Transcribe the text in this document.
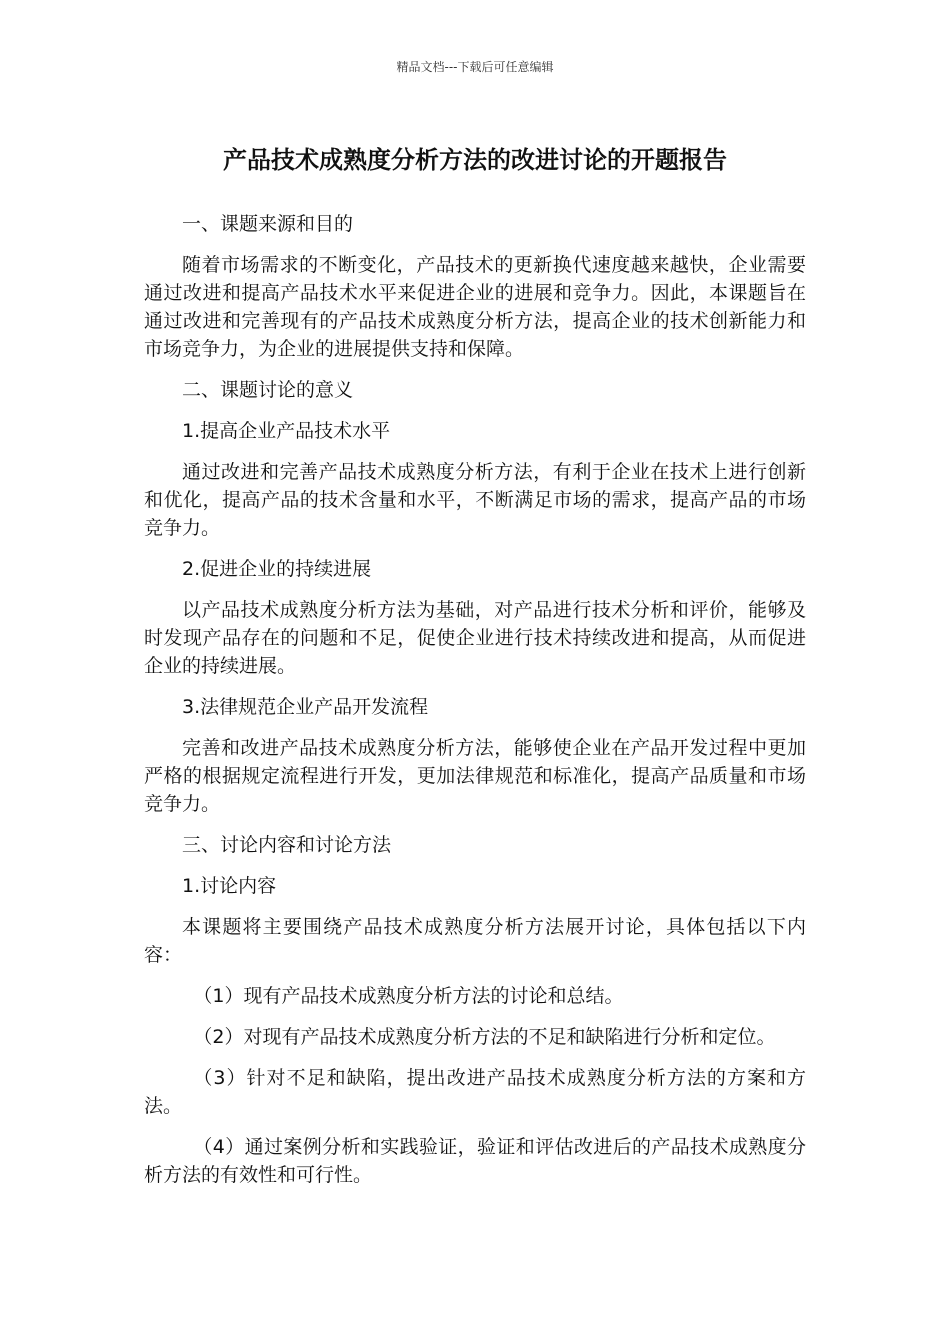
精品文档---下载后可任意编辑
产品技术成熟度分析方法的改进讨论的开题报告

一、课题来源和目的

随着市场需求的不断变化，产品技术的更新换代速度越来越快，企业需要通过改进和提高产品技术水平来促进企业的进展和竞争力。因此，本课题旨在通过改进和完善现有的产品技术成熟度分析方法，提高企业的技术创新能力和市场竞争力，为企业的进展提供支持和保障。

二、课题讨论的意义

1.提高企业产品技术水平

通过改进和完善产品技术成熟度分析方法，有利于企业在技术上进行创新和优化，提高产品的技术含量和水平，不断满足市场的需求，提高产品的市场竞争力。

2.促进企业的持续进展

以产品技术成熟度分析方法为基础，对产品进行技术分析和评价，能够及时发现产品存在的问题和不足，促使企业进行技术持续改进和提高，从而促进企业的持续进展。

3.法律规范企业产品开发流程

完善和改进产品技术成熟度分析方法，能够使企业在产品开发过程中更加严格的根据规定流程进行开发，更加法律规范和标准化，提高产品质量和市场竞争力。

三、讨论内容和讨论方法

1.讨论内容

本课题将主要围绕产品技术成熟度分析方法展开讨论，具体包括以下内容：

（1）现有产品技术成熟度分析方法的讨论和总结。

（2）对现有产品技术成熟度分析方法的不足和缺陷进行分析和定位。

（3）针对不足和缺陷，提出改进产品技术成熟度分析方法的方案和方法。

（4）通过案例分析和实践验证，验证和评估改进后的产品技术成熟度分析方法的有效性和可行性。
